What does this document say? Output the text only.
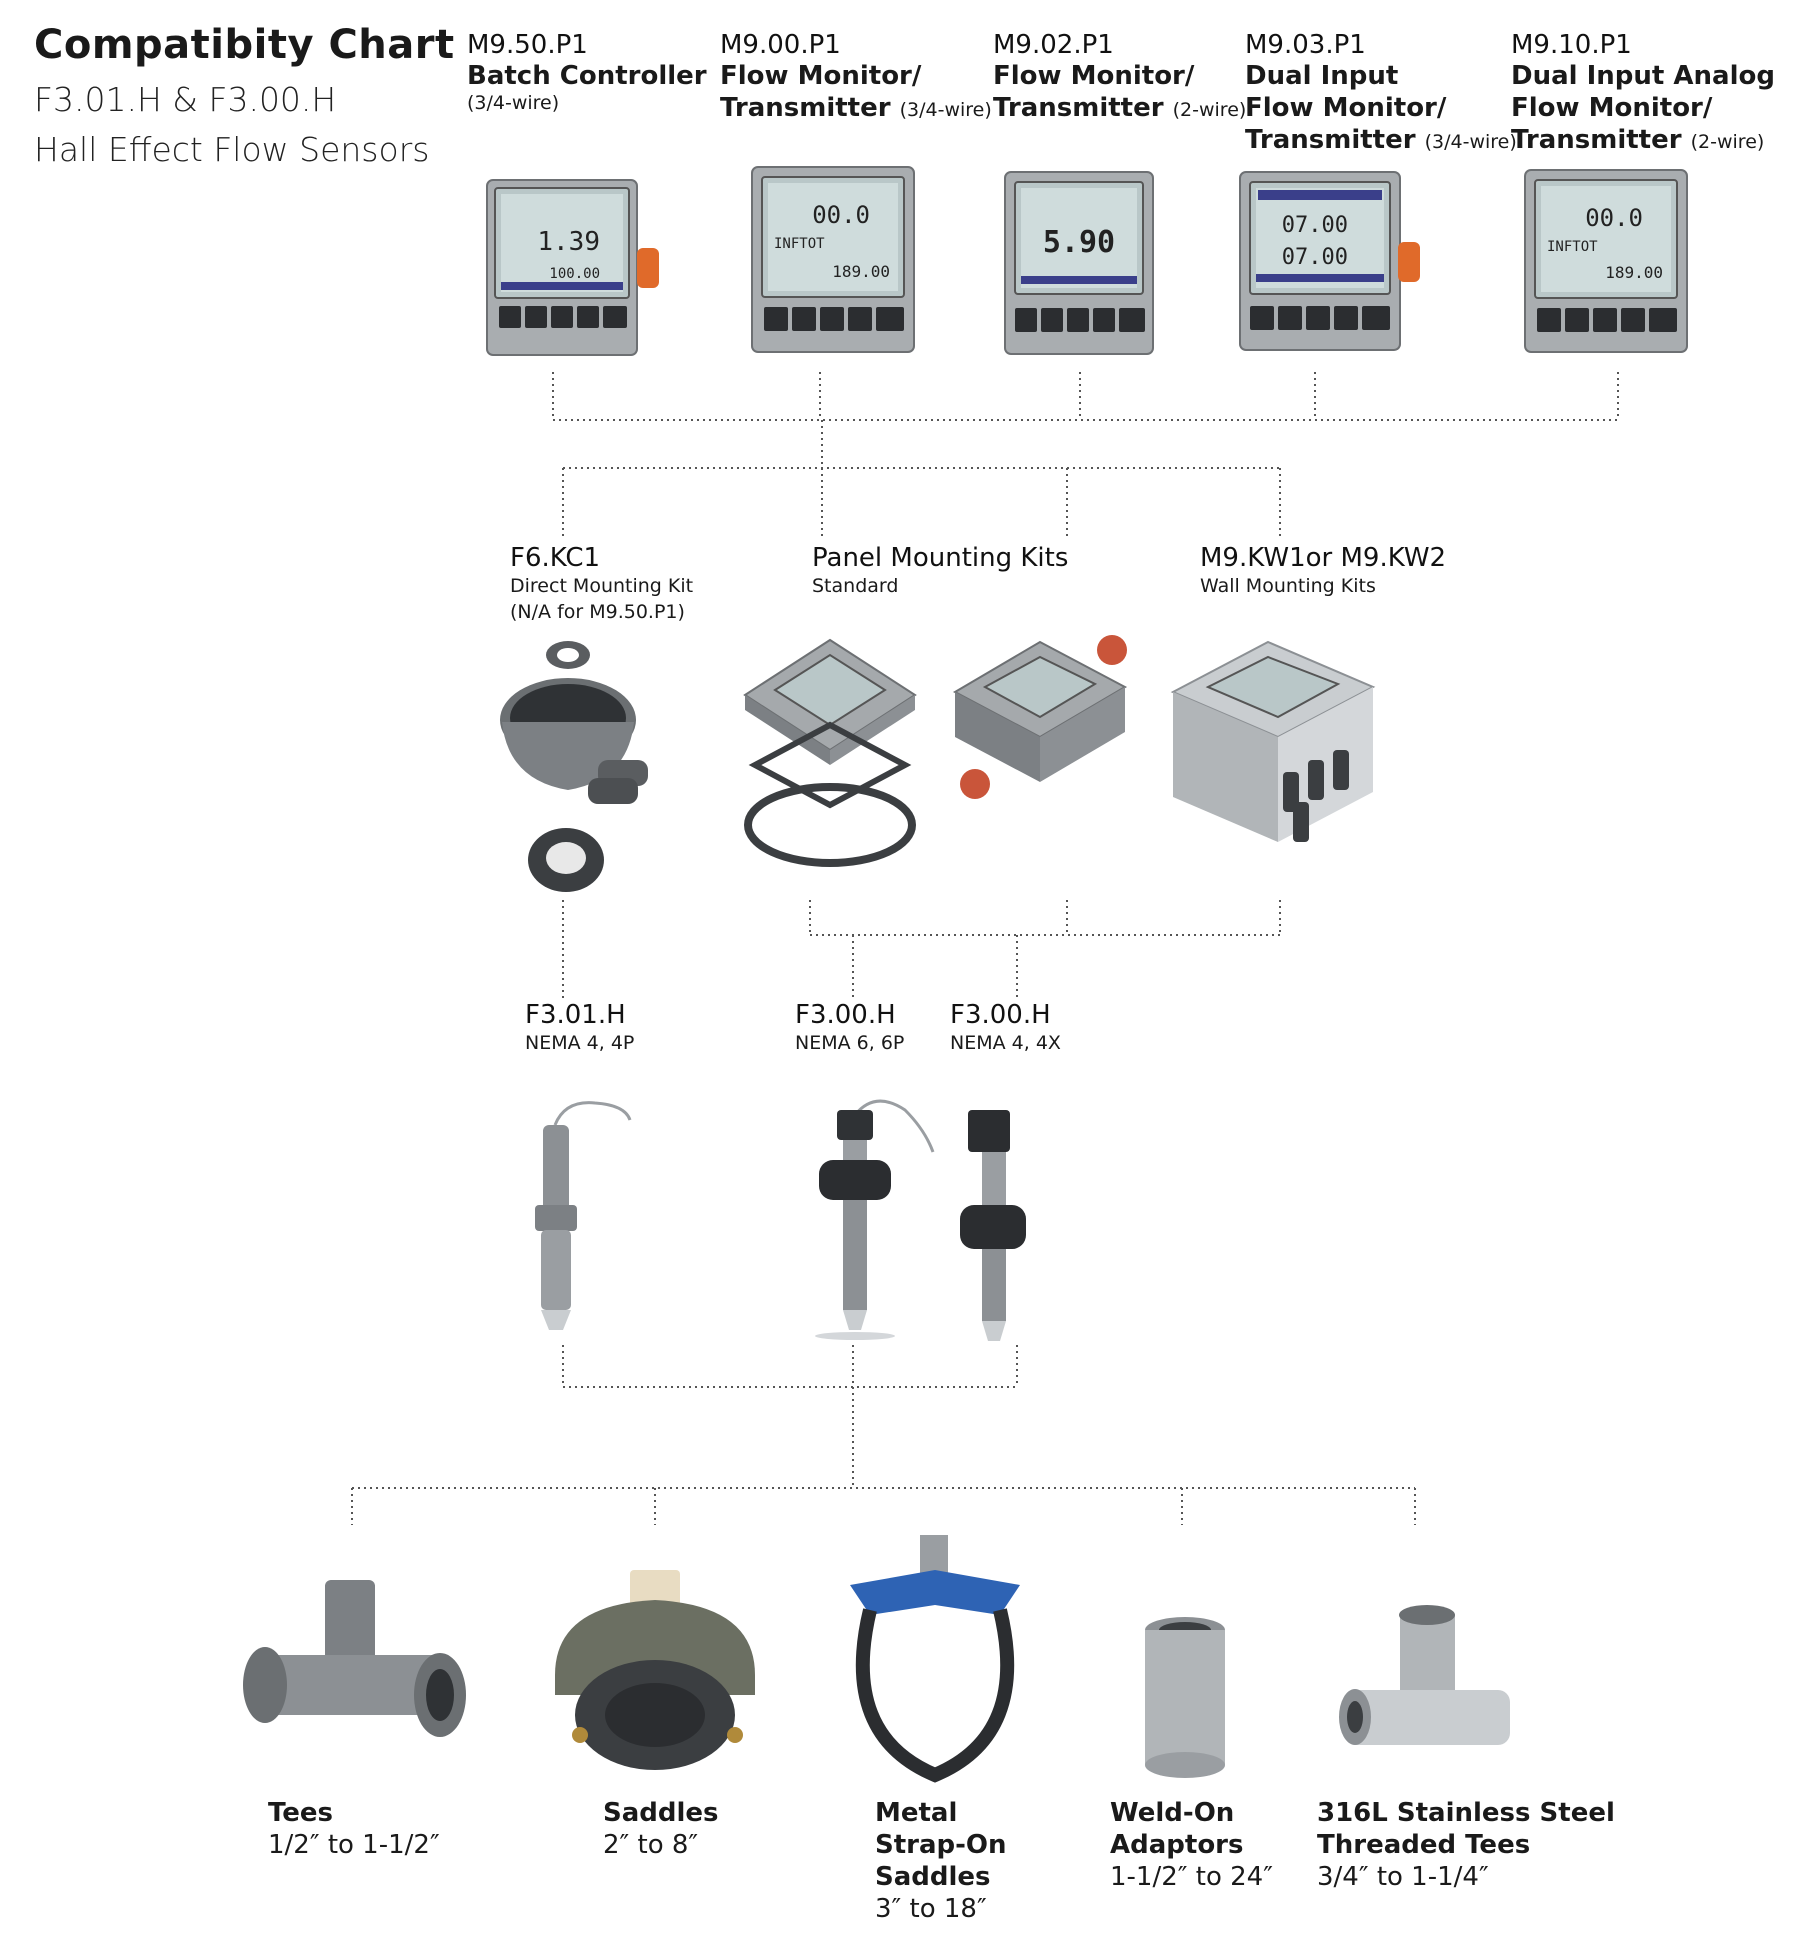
Compatibity Chart
F3.01.H & F3.00.H
Hall Effect Flow Sensors
M9.50.P1
Batch Controller
(3/4-wire)
M9.00.P1
Flow Monitor/
Transmitter (3/4-wire)
M9.02.P1
Flow Monitor/
Transmitter (2-wire)
M9.03.P1
Dual Input
Flow Monitor/
Transmitter (3/4-wire)
M9.10.P1
Dual Input Analog
Flow Monitor/
Transmitter (2-wire)
1.39
100.00
00.0
INFTOT
189.00
5.90	07.00
07.00
00.0
INFTOT
189.00
F6.KC1
Direct Mounting Kit
(N/A for M9.50.P1)
Panel Mounting Kits
Standard
M9.KW1or M9.KW2
Wall Mounting Kits
F3.01.H
NEMA 4, 4P
F3.00.H
NEMA 6, 6P
F3.00.H
NEMA 4, 4X
Tees
1/2″ to 1-1/2″
Saddles
2″ to 8″
Metal
Strap-On
Saddles
3″ to 18″
Weld-On
Adaptors
1-1/2″ to 24″
316L Stainless Steel
Threaded Tees
3/4″ to 1-1/4″
